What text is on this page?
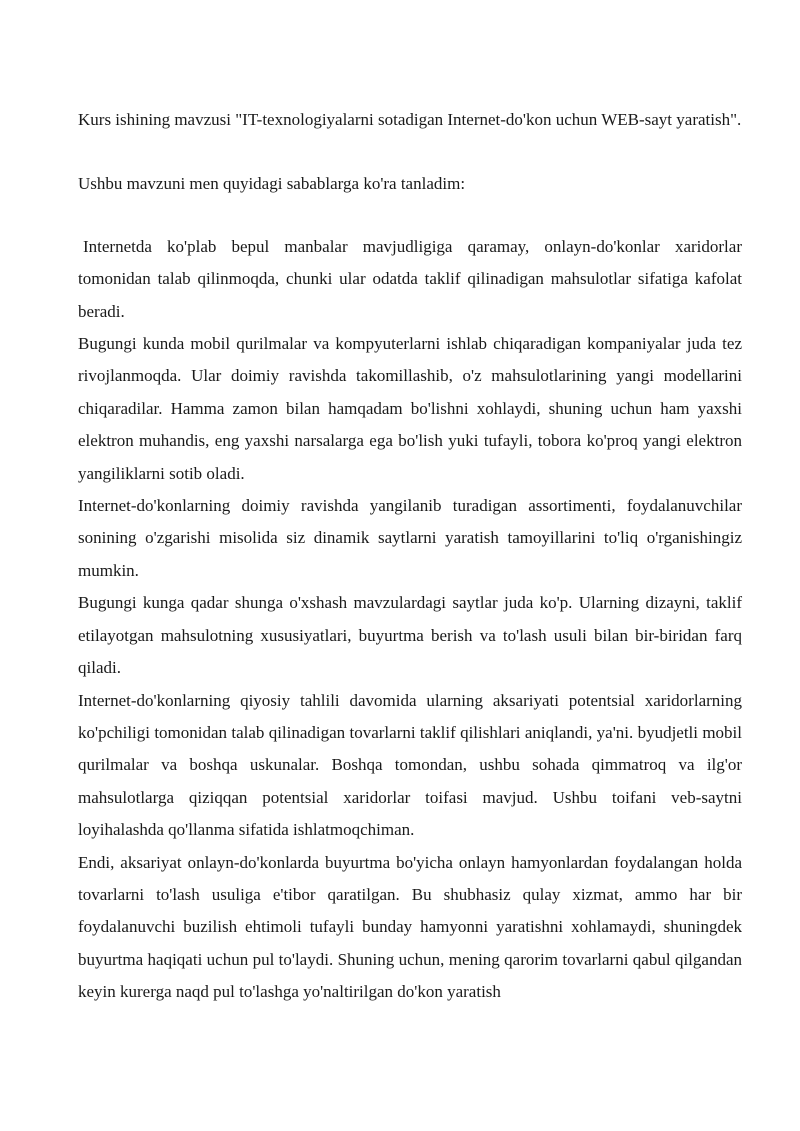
Kurs ishining mavzusi "IT-texnologiyalarni sotadigan Internet-do'kon uchun WEB-sayt yaratish".

Ushbu mavzuni men quyidagi sabablarga ko'ra tanladim:

Internetda ko'plab bepul manbalar mavjudligiga qaramay, onlayn-do'konlar xaridorlar tomonidan talab qilinmoqda, chunki ular odatda taklif qilinadigan mahsulotlar sifatiga kafolat beradi.

Bugungi kunda mobil qurilmalar va kompyuterlarni ishlab chiqaradigan kompaniyalar juda tez rivojlanmoqda. Ular doimiy ravishda takomillashib, o'z mahsulotlarining yangi modellarini chiqaradilar. Hamma zamon bilan hamqadam bo'lishni xohlaydi, shuning uchun ham yaxshi elektron muhandis, eng yaxshi narsalarga ega bo'lish yuki tufayli, tobora ko'proq yangi elektron yangiliklarni sotib oladi.

Internet-do'konlarning doimiy ravishda yangilanib turadigan assortimenti, foydalanuvchilar sonining o'zgarishi misolida siz dinamik saytlarni yaratish tamoyillarini to'liq o'rganishingiz mumkin.

Bugungi kunga qadar shunga o'xshash mavzulardagi saytlar juda ko'p. Ularning dizayni, taklif etilayotgan mahsulotning xususiyatlari, buyurtma berish va to'lash usuli bilan bir-biridan farq qiladi.

Internet-do'konlarning qiyosiy tahlili davomida ularning aksariyati potentsial xaridorlarning ko'pchiligi tomonidan talab qilinadigan tovarlarni taklif qilishlari aniqlandi, ya'ni. byudjetli mobil qurilmalar va boshqa uskunalar. Boshqa tomondan, ushbu sohada qimmatroq va ilg'or mahsulotlarga qiziqqan potentsial xaridorlar toifasi mavjud. Ushbu toifani veb-saytni loyihalashda qo'llanma sifatida ishlatmoqchiman.

Endi, aksariyat onlayn-do'konlarda buyurtma bo'yicha onlayn hamyonlardan foydalangan holda tovarlarni to'lash usuliga e'tibor qaratilgan. Bu shubhasiz qulay xizmat, ammo har bir foydalanuvchi buzilish ehtimoli tufayli bunday hamyonni yaratishni xohlamaydi, shuningdek buyurtma haqiqati uchun pul to'laydi. Shuning uchun, mening qarorim tovarlarni qabul qilgandan keyin kurerga naqd pul to'lashga yo'naltirilgan do'kon yaratish
